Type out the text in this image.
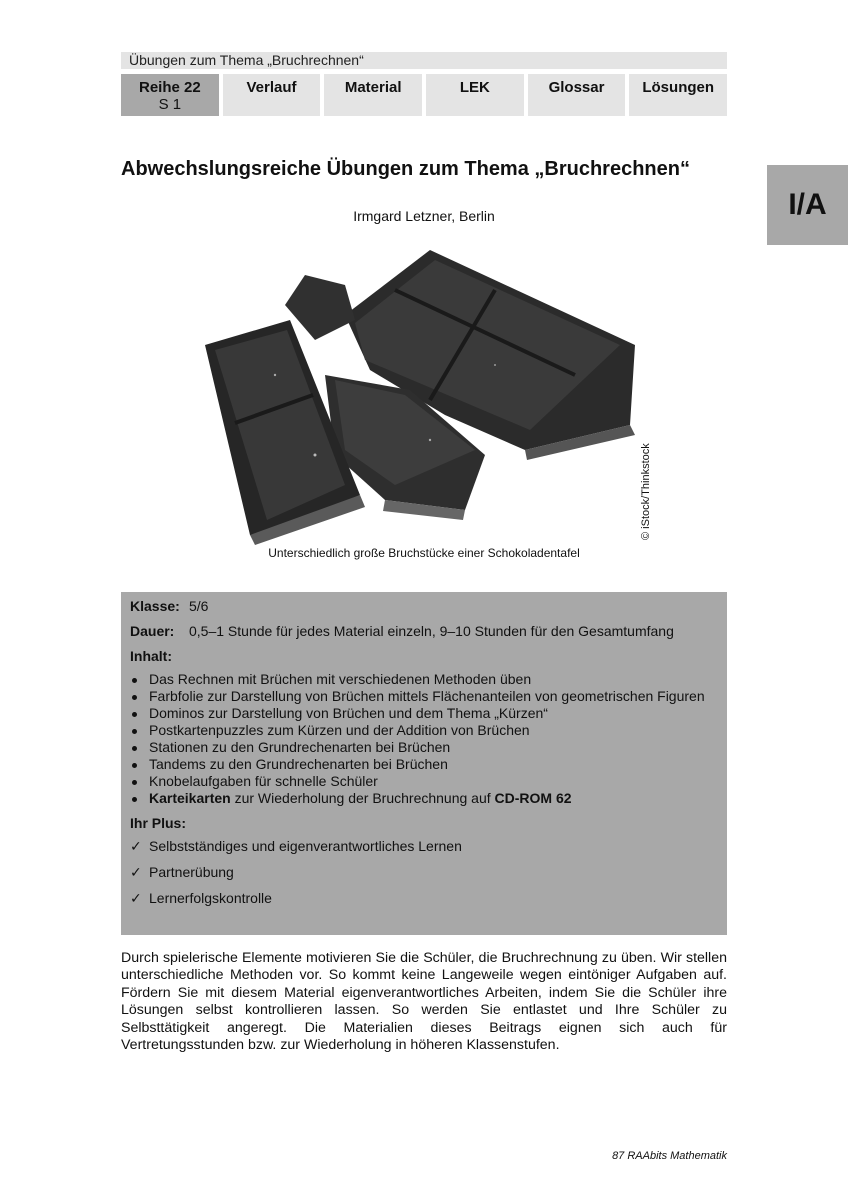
Übungen zum Thema „Bruchrechnen“
Reihe 22
S 1
Verlauf	Material	LEK	Glossar	Lösungen
I/A
Abwechslungsreiche Übungen zum Thema „Bruchrechnen“
Irmgard Letzner, Berlin
© iStock/Thinkstock
Unterschiedlich große Bruchstücke einer Schokoladentafel
Klasse: 5/6
Dauer:	0,5–1 Stunde für jedes Material einzeln, 9–10 Stunden für den Gesamtumfang
Inhalt:
Das Rechnen mit Brüchen mit verschiedenen Methoden üben
Farbfolie zur Darstellung von Brüchen mittels Flächenanteilen von geometrischen Figuren
Dominos zur Darstellung von Brüchen und dem Thema „Kürzen“
Postkartenpuzzles zum Kürzen und der Addition von Brüchen
Stationen zu den Grundrechenarten bei Brüchen
Tandems zu den Grundrechenarten bei Brüchen
Knobelaufgaben für schnelle Schüler
Karteikarten zur Wiederholung der Bruchrechnung auf CD-ROM 62
Ihr Plus:
✓ Selbstständiges und eigenverantwortliches Lernen
✓ Partnerübung
✓ Lernerfolgskontrolle
Durch spielerische Elemente motivieren Sie die Schüler, die Bruchrechnung zu üben. Wir stellen unterschiedliche Methoden vor. So kommt keine Langeweile wegen eintöniger Aufgaben auf. Fördern Sie mit diesem Material eigenverantwortliches Arbeiten, indem Sie die Schüler ihre Lösungen selbst kontrollieren lassen. So werden Sie entlastet und Ihre Schüler zu Selbsttätigkeit angeregt. Die Materialien dieses Beitrags eignen sich auch für Vertretungsstunden bzw. zur Wiederholung in höheren Klassenstufen.
87 RAAbits Mathematik
